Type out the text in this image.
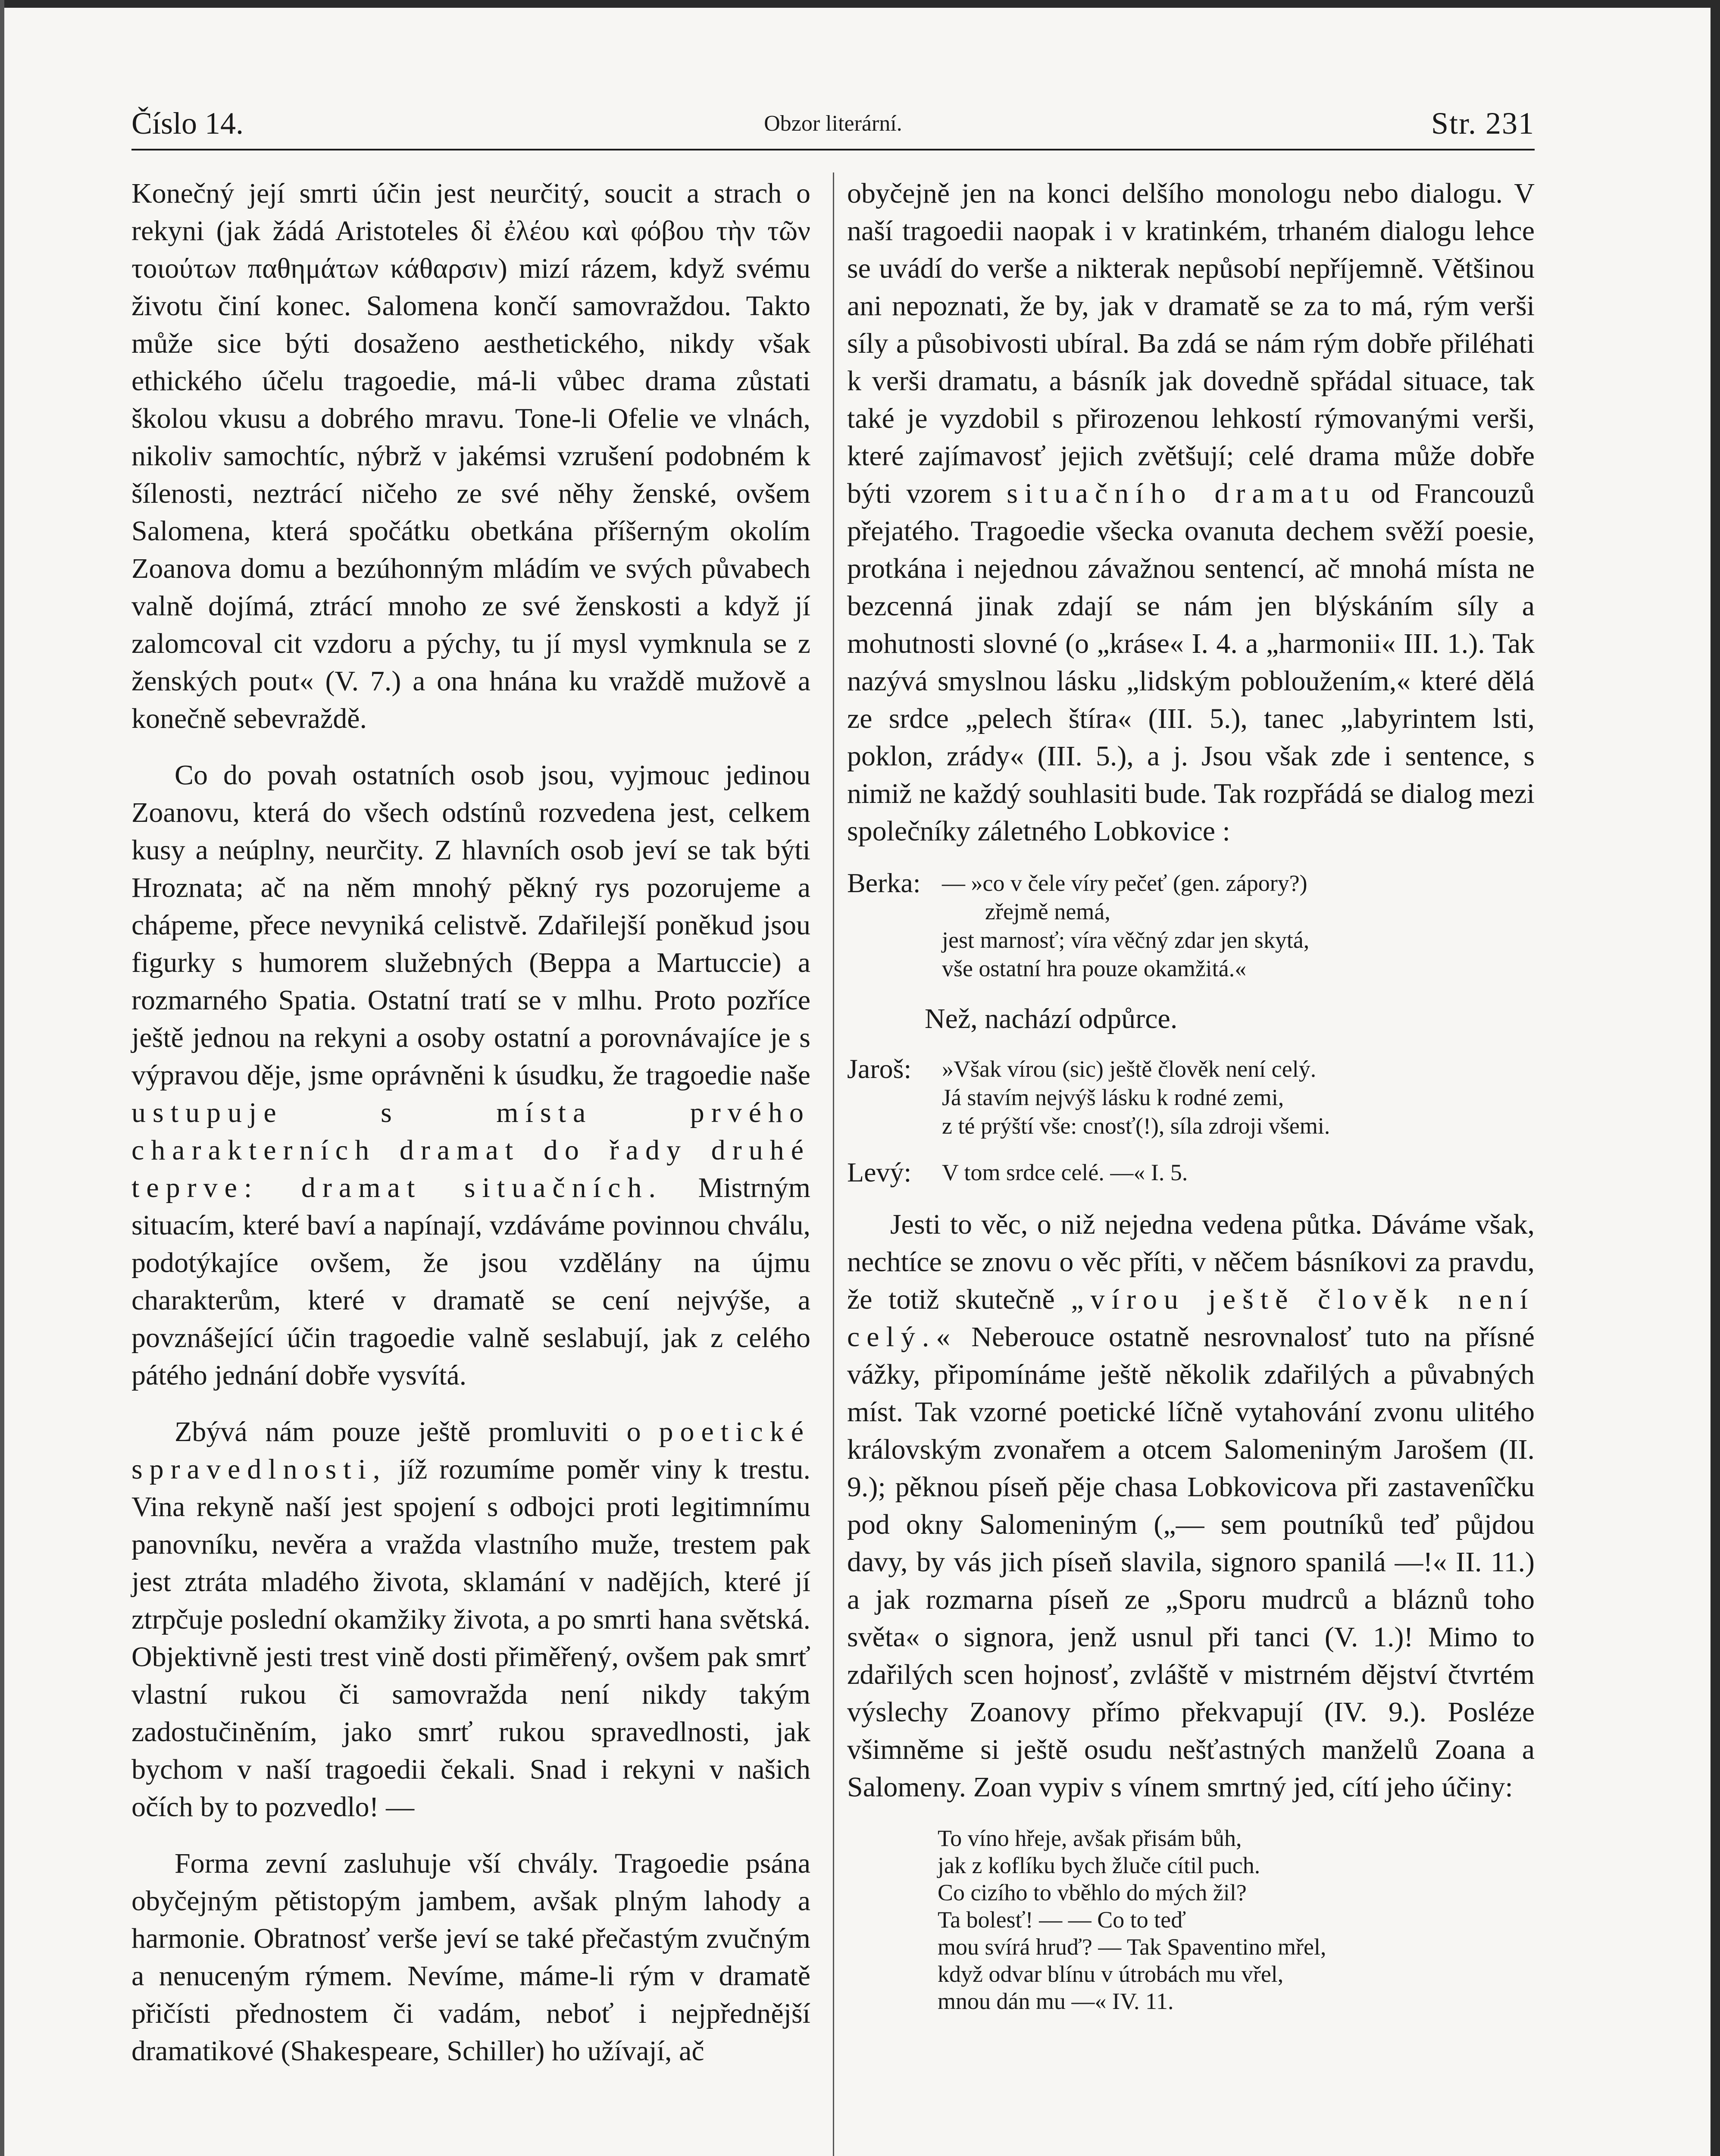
Číslo 14.	Obzor literární.	Str. 231

Konečný její smrti účin jest neurčitý, soucit a strach o rekyni (jak žádá Aristoteles δἰ ἐλέου καὶ φόβου τὴν τῶν τοιούτων παθημάτων κάθαρσιν) mizí rázem, když svému životu činí konec. Salomena končí samovraždou. Takto může sice býti dosaženo aesthetického, nikdy však ethického účelu tragoedie, má-li vůbec drama zůstati školou vkusu a dobrého mravu. Tone-li Ofelie ve vlnách, nikoliv samochtíc, nýbrž v jakémsi vzrušení podobném k šílenosti, neztrácí ničeho ze své něhy ženské, ovšem Salomena, která spočátku obetkána příšerným okolím Zoanova domu a bezúhonným mládím ve svých půvabech valně dojímá, ztrácí mnoho ze své ženskosti a když jí zalomcoval cit vzdoru a pýchy, tu jí mysl vymknula se z ženských pout« (V. 7.) a ona hnána ku vraždě mužově a konečně sebevraždě.

Co do povah ostatních osob jsou, vyjmouc jedinou Zoanovu, která do všech odstínů rozvedena jest, celkem kusy a neúplny, neurčity. Z hlavních osob jeví se tak býti Hroznata; ač na něm mnohý pěkný rys pozorujeme a chápeme, přece nevyniká celistvě. Zdařilejší poněkud jsou figurky s humorem služebných (Beppa a Martuccie) a rozmarného Spatia. Ostatní tratí se v mlhu. Proto pozříce ještě jednou na rekyni a osoby ostatní a porovnávajíce je s výpravou děje, jsme oprávněni k úsudku, že tragoedie naše ustupuje s místa prvého charakterních dramat do řady druhé teprve: dramat situačních. Mistrným situacím, které baví a napínají, vzdáváme povinnou chválu, podotýkajíce ovšem, že jsou vzdělány na újmu charakterům, které v dramatě se cení nejvýše, a povznášející účin tragoedie valně seslabují, jak z celého pátého jednání dobře vysvítá.

Zbývá nám pouze ještě promluviti o poetické spravedlnosti, jíž rozumíme poměr viny k trestu. Vina rekyně naší jest spojení s odbojci proti legitimnímu panovníku, nevěra a vražda vlastního muže, trestem pak jest ztráta mladého života, sklamání v nadějích, které jí ztrpčuje poslední okamžiky života, a po smrti hana světská. Objektivně jesti trest vině dosti přiměřený, ovšem pak smrť vlastní rukou či samovražda není nikdy takým zadostučiněním, jako smrť rukou spravedlnosti, jak bychom v naší tragoedii čekali. Snad i rekyni v našich očích by to pozvedlo! —

Forma zevní zasluhuje vší chvály. Tragoedie psána obyčejným pětistopým jambem, avšak plným lahody a harmonie. Obratnosť verše jeví se také přečastým zvučným a nenuceným rýmem. Nevíme, máme-li rým v dramatě přičísti přednostem či vadám, neboť i nejpřednější dramatikové (Shakespeare, Schiller) ho užívají, ač

obyčejně jen na konci delšího monologu nebo dialogu. V naší tragoedii naopak i v kratinkém, trhaném dialogu lehce se uvádí do verše a nikterak nepůsobí nepříjemně. Většinou ani nepoznati, že by, jak v dramatě se za to má, rým verši síly a působivosti ubíral. Ba zdá se nám rým dobře přiléhati k verši dramatu, a básník jak dovedně spřádal situace, tak také je vyzdobil s přirozenou lehkostí rýmovanými verši, které zajímavosť jejich zvětšují; celé drama může dobře býti vzorem situačního dramatu od Francouzů přejatého. Tragoedie všecka ovanuta dechem svěží poesie, protkána i nejednou závažnou sentencí, ač mnohá místa ne bezcenná jinak zdají se nám jen blýskáním síly a mohutnosti slovné (o „kráse« I. 4. a „harmonii« III. 1.). Tak nazývá smyslnou lásku „lidským pobloužením,« které dělá ze srdce „pelech štíra« (III. 5.), tanec „labyrintem lsti, poklon, zrády« (III. 5.), a j. Jsou však zde i sentence, s nimiž ne každý souhlasiti bude. Tak rozpřádá se dialog mezi společníky záletného Lobkovice :

Berka: — »co v čele víry pečeť (gen. zápory?)
zřejmě nemá,
jest marnosť; víra věčný zdar jen skytá,
vše ostatní hra pouze okamžitá.«
Než, nachází odpůrce.
Jaroš:	»Však vírou (sic) ještě člověk není celý.
Já stavím nejvýš lásku k rodné zemi,
z té prýští vše: cnosť(!), síla zdroji všemi.
Levý:	V tom srdce celé. —« I. 5.

Jesti to věc, o niž nejedna vedena půtka. Dáváme však, nechtíce se znovu o věc příti, v něčem básníkovi za pravdu, že totiž skutečně „vírou ještě člověk není celý.« Neberouce ostatně nesrovnalosť tuto na přísné vážky, připomínáme ještě několik zdařilých a půvabných míst. Tak vzorné poetické líčně vytahování zvonu ulitého královským zvonařem a otcem Salomeniným Jarošem (II. 9.); pěknou píseň pěje chasa Lobkovicova při zastavenîčku pod okny Salomeniným („— sem poutníků teď půjdou davy, by vás jich píseň slavila, signoro spanilá —!« II. 11.) a jak rozmarna píseň ze „Sporu mudrců a bláznů toho světa« o signora, jenž usnul při tanci (V. 1.)! Mimo to zdařilých scen hojnosť, zvláště v mistrném dějství čtvrtém výslechy Zoanovy přímo překvapují (IV. 9.). Posléze všimněme si ještě osudu nešťastných manželů Zoana a Salomeny. Zoan vypiv s vínem smrtný jed, cítí jeho účiny:

To víno hřeje, avšak přisám bůh,
jak z koflíku bych žluče cítil puch.
Co cizího to vběhlo do mých žil?
Ta bolesť! — — Co to teď
mou svírá hruď? — Tak Spaventino mřel,
když odvar blínu v útrobách mu vřel,
mnou dán mu —« IV. 11.
